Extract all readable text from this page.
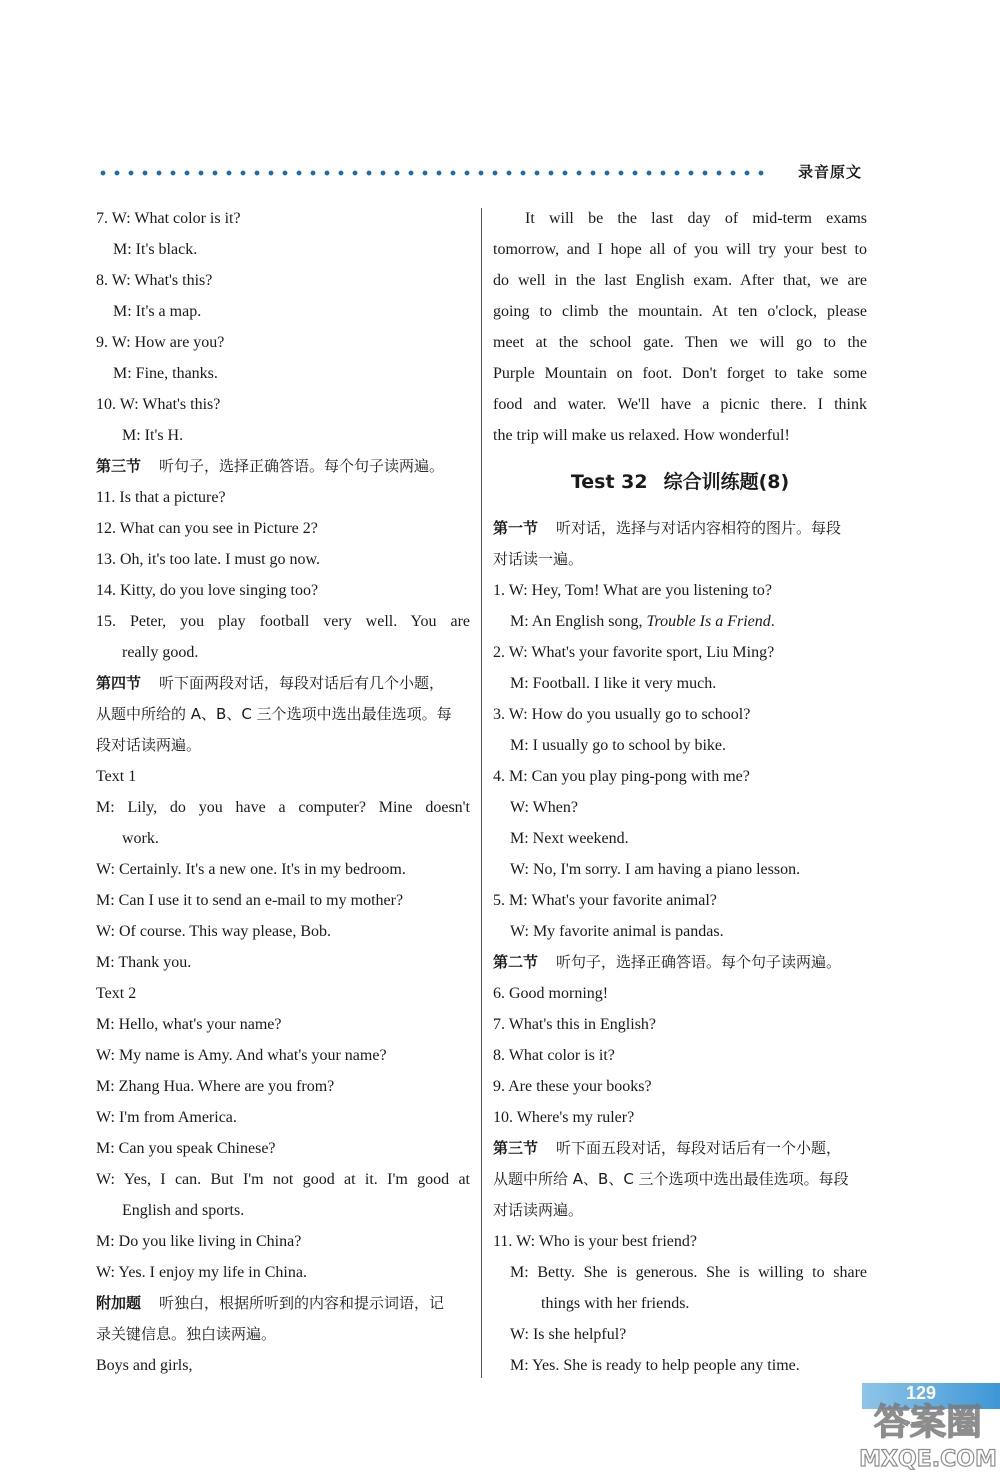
录音原文
7. W: What color is it?
M: It's black.
8. W: What's this?
M: It's a map.
9. W: How are you?
M: Fine, thanks.
10. W: What's this?
M: It's H.
第三节 听句子，选择正确答语。每个句子读两遍。
11. Is that a picture?
12. What can you see in Picture 2?
13. Oh, it's too late. I must go now.
14. Kitty, do you love singing too?
15. Peter, you play football very well. You are
really good.
第四节 听下面两段对话，每段对话后有几个小题，
从题中所给的 A、B、C 三个选项中选出最佳选项。每
段对话读两遍。
Text 1
M: Lily, do you have a computer? Mine doesn't
work.
W: Certainly. It's a new one. It's in my bedroom.
M: Can I use it to send an e-mail to my mother?
W: Of course. This way please, Bob.
M: Thank you.
Text 2
M: Hello, what's your name?
W: My name is Amy. And what's your name?
M: Zhang Hua. Where are you from?
W: I'm from America.
M: Can you speak Chinese?
W: Yes, I can. But I'm not good at it. I'm good at
English and sports.
M: Do you like living in China?
W: Yes. I enjoy my life in China.
附加题 听独白，根据所听到的内容和提示词语，记
录关键信息。独白读两遍。
Boys and girls,
It will be the last day of mid-term exams
tomorrow, and I hope all of you will try your best to
do well in the last English exam. After that, we are
going to climb the mountain. At ten o'clock, please
meet at the school gate. Then we will go to the
Purple Mountain on foot. Don't forget to take some
food and water. We'll have a picnic there. I think
the trip will make us relaxed. How wonderful!
Test 32 综合训练题(8)
第一节 听对话，选择与对话内容相符的图片。每段
对话读一遍。
1. W: Hey, Tom! What are you listening to?
M: An English song, Trouble Is a Friend.
2. W: What's your favorite sport, Liu Ming?
M: Football. I like it very much.
3. W: How do you usually go to school?
M: I usually go to school by bike.
4. M: Can you play ping-pong with me?
W: When?
M: Next weekend.
W: No, I'm sorry. I am having a piano lesson.
5. M: What's your favorite animal?
W: My favorite animal is pandas.
第二节 听句子，选择正确答语。每个句子读两遍。
6. Good morning!
7. What's this in English?
8. What color is it?
9. Are these your books?
10. Where's my ruler?
第三节 听下面五段对话，每段对话后有一个小题，
从题中所给 A、B、C 三个选项中选出最佳选项。每段
对话读两遍。
11. W: Who is your best friend?
M: Betty. She is generous. She is willing to share
things with her friends.
W: Is she helpful?
M: Yes. She is ready to help people any time.
129
答案圈
MXQE.COM
